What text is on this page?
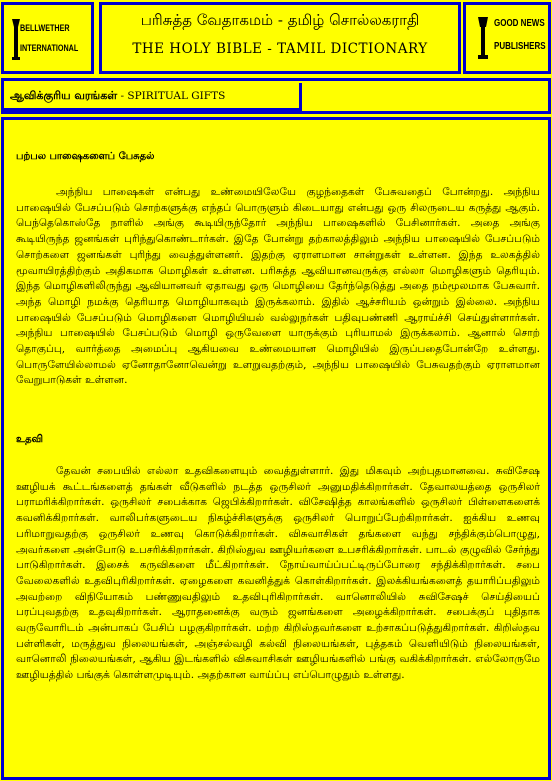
BELLWETHER
INTERNATIONAL
பரிசுத்த வேதாகமம் - தமிழ் சொல்லகராதி
THE HOLY BIBLE - TAMIL DICTIONARY
GOOD NEWS
PUBLISHERS
ஆவிக்குரிய வரங்கள் - SPIRITUAL GIFTS
பற்பல பாஷைகளைப் பேசுதல்
அந்நிய பாஷைகள் என்பது உண்மையிலேயே குழந்தைகள் பேசுவதைப் போன்றது. அந்நிய பாஷையில் பேசப்படும் சொற்களுக்கு எந்தப் பொருளும் கிடையாது என்பது ஒரு சிலருடைய கருத்து ஆகும். பெந்தெகொஸ்தே நாளில் அங்கு கூடியிருந்தோர் அந்நிய பாஷைகளில் பேசினார்கள். அதை அங்கு கூடியிருந்த ஜனங்கள் புரிந்துகொண்டார்கள். இதே போன்று தற்காலத்திலும் அந்நிய பாஷையில் பேசப்படும் சொற்களை ஜனங்கள் புரிந்து வைத்துள்ளனர். இதற்கு ஏராளமான சான்றுகள் உள்ளன. இந்த உலகத்தில் மூவாயிரத்திற்கும் அதிகமாக மொழிகள் உள்ளன. பரிசுத்த ஆவியானவருக்கு எல்லா மொழிகளும் தெரியும். இந்த மொழிகளிலிருந்து ஆவியானவர் ஏதாவது ஒரு மொழியை தேர்ந்தெடுத்து அதை நம்மூலமாக பேசுவார். அந்த மொழி நமக்கு தெரியாத மொழியாகவும் இருக்கலாம். இதில் ஆச்சரியம் ஒன்றும் இல்லை. அந்நிய பாஷையில் பேசப்படும் மொழிகளை மொழியியல் வல்லுநர்கள் பதிவுபண்ணி ஆராய்ச்சி செய்துள்ளார்கள். அந்நிய பாஷையில் பேசப்படும் மொழி ஒருவேளை யாருக்கும் புரியாமல் இருக்கலாம். ஆனால் சொற் தொகுப்பு, வார்த்தை அமைப்பு ஆகியவை உண்மையான மொழியில் இருப்பதைபோன்றே உள்ளது. பொருளேயில்லாமல் ஏனோதானோவென்று உளறுவதற்கும், அந்நிய பாஷையில் பேசுவதற்கும் ஏராளமான வேறுபாடுகள் உள்ளன.
உதவி
தேவன் சபையில் எல்லா உதவிகளையும் வைத்துள்ளார். இது மிகவும் அற்புதமானவை. சுவிசேஷ ஊழியக் கூட்டங்களைத் தங்கள் வீடுகளில் நடத்த ஒருசிலர் அனுமதிக்கிறார்கள். தேவாலயத்தை ஒருசிலர் பராமரிக்கிறார்கள். ஒருசிலர் சபைக்காக ஜெபிக்கிறார்கள். விசேஷித்த காலங்களில் ஒருசிலர் பிள்ளைகளைக் கவனிக்கிறார்கள். வாலிபர்களுடைய நிகழ்ச்சிகளுக்கு ஒருசிலர் பொறுப்பேற்கிறார்கள். ஐக்கிய உணவு பரிமாறுவதற்கு ஒருசிலர் உணவு கொடுக்கிறார்கள். விசுவாசிகள் தங்களை வந்து சந்திக்கும்பொழுது, அவர்களை அன்போடு உபசரிக்கிறார்கள். கிறிஸ்துவ ஊழியர்களை உபசரிக்கிறார்கள். பாடல் குழுவில் சேர்ந்து பாடுகிறார்கள். இசைக் கருவிகளை மீட்கிறார்கள். நோய்வாய்ப்பட்டிருப்போரை சந்திக்கிறார்கள். சபை வேலைகளில் உதவிபுரிகிறார்கள். ஏழைகளை கவனித்துக் கொள்கிறார்கள். இலக்கியங்களைத் தயாரிப்பதிலும் அவற்றை விநியோகம் பண்ணுவதிலும் உதவிபுரிகிறார்கள். வானொலியில் சுவிசேஷச் செய்தியைப் பரப்புவதற்கு உதவுகிறார்கள். ஆராதனைக்கு வரும் ஜனங்களை அழைக்கிறார்கள். சபைக்குப் புதிதாக வருவோரிடம் அன்பாகப் பேசிப் பழகுகிறார்கள். மற்ற கிறிஸ்தவர்களை உற்சாகப்படுத்துகிறார்கள். கிறிஸ்தவ பள்ளிகள், மருத்துவ நிலையங்கள், அஞ்சல்வழி கல்வி நிலையங்கள், புத்தகம் வெளியிடும் நிலையங்கள், வானொலி நிலையங்கள், ஆகிய இடங்களில் விசுவாசிகள் ஊழியங்களில் பங்கு வகிக்கிறார்கள். எல்லோருமே ஊழியத்தில் பங்குக் கொள்ளமுடியும். அதற்கான வாய்ப்பு எப்பொழுதும் உள்ளது.
